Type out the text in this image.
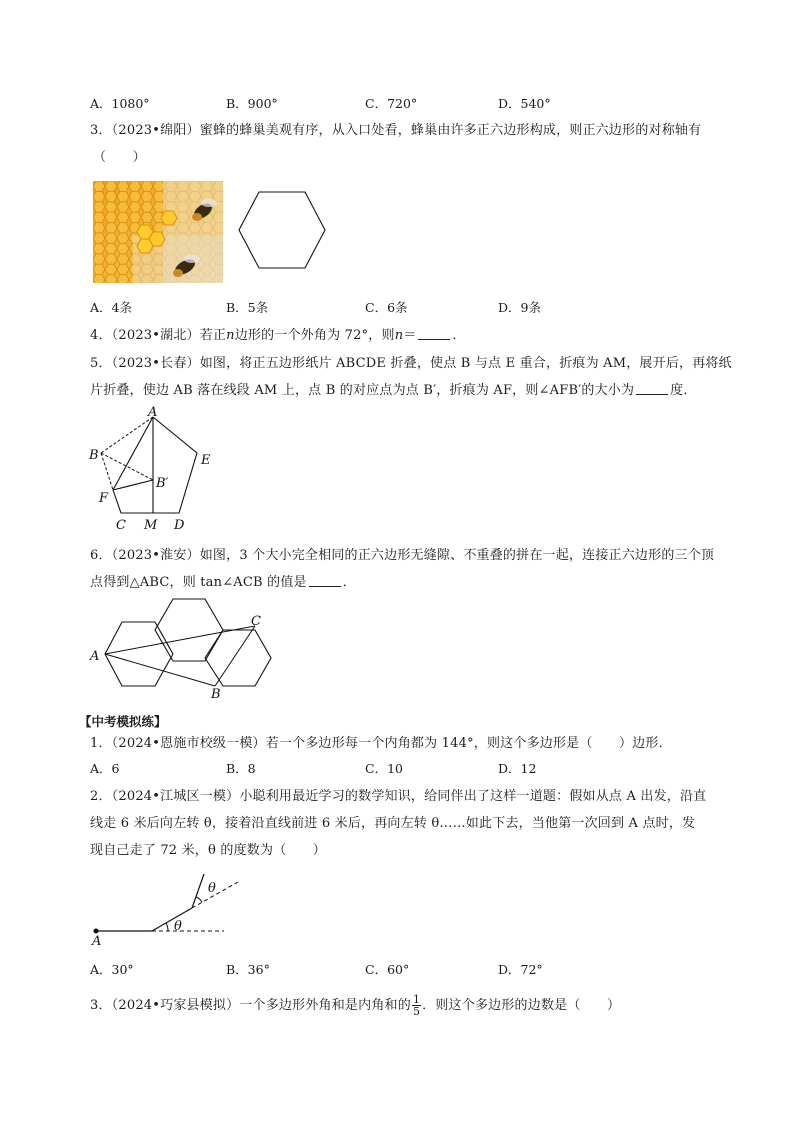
A．1080°	B．900°	C．720°	D．540°
3．（2023•绵阳）蜜蜂的蜂巢美观有序，从入口处看，蜂巢由许多正六边形构成，则正六边形的对称轴有
（　　）
A．4条	B．5条	C．6条	D．9条
4．（2023•湖北）若正n边形的一个外角为 72°，则n＝	．
5．（2023•长春）如图，将正五边形纸片 ABCDE 折叠，使点 B 与点 E 重合，折痕为 AM，展开后，再将纸
片折叠，使边 AB 落在线段 AM 上，点 B 的对应点为点 B′，折痕为 AF，则∠AFB′的大小为	度．
A
B
F
B′
E
C M D
6．（2023•淮安）如图，3 个大小完全相同的正六边形无缝隙、不重叠的拼在一起，连接正六边形的三个顶
点得到△ABC，则 tan∠ACB 的值是	．
A
C
B
【中考模拟练】
1．（2024•恩施市校级一模）若一个多边形每一个内角都为 144°，则这个多边形是（　　）边形．
A．6	B．8	C．10	D．12
2．（2024•江城区一模）小聪利用最近学习的数学知识，给同伴出了这样一道题：假如从点 A 出发，沿直
线走 6 米后向左转 θ，接着沿直线前进 6 米后，再向左转 θ……如此下去，当他第一次回到 A 点时，发
现自己走了 72 米，θ 的度数为（　　）
A
θ
θ
A．30°	B．36°	C．60°	D．72°
3．（2024•巧家县模拟）一个多边形外角和是内角和的 $\frac{1}{5}$ ．则这个多边形的边数是（　　）
